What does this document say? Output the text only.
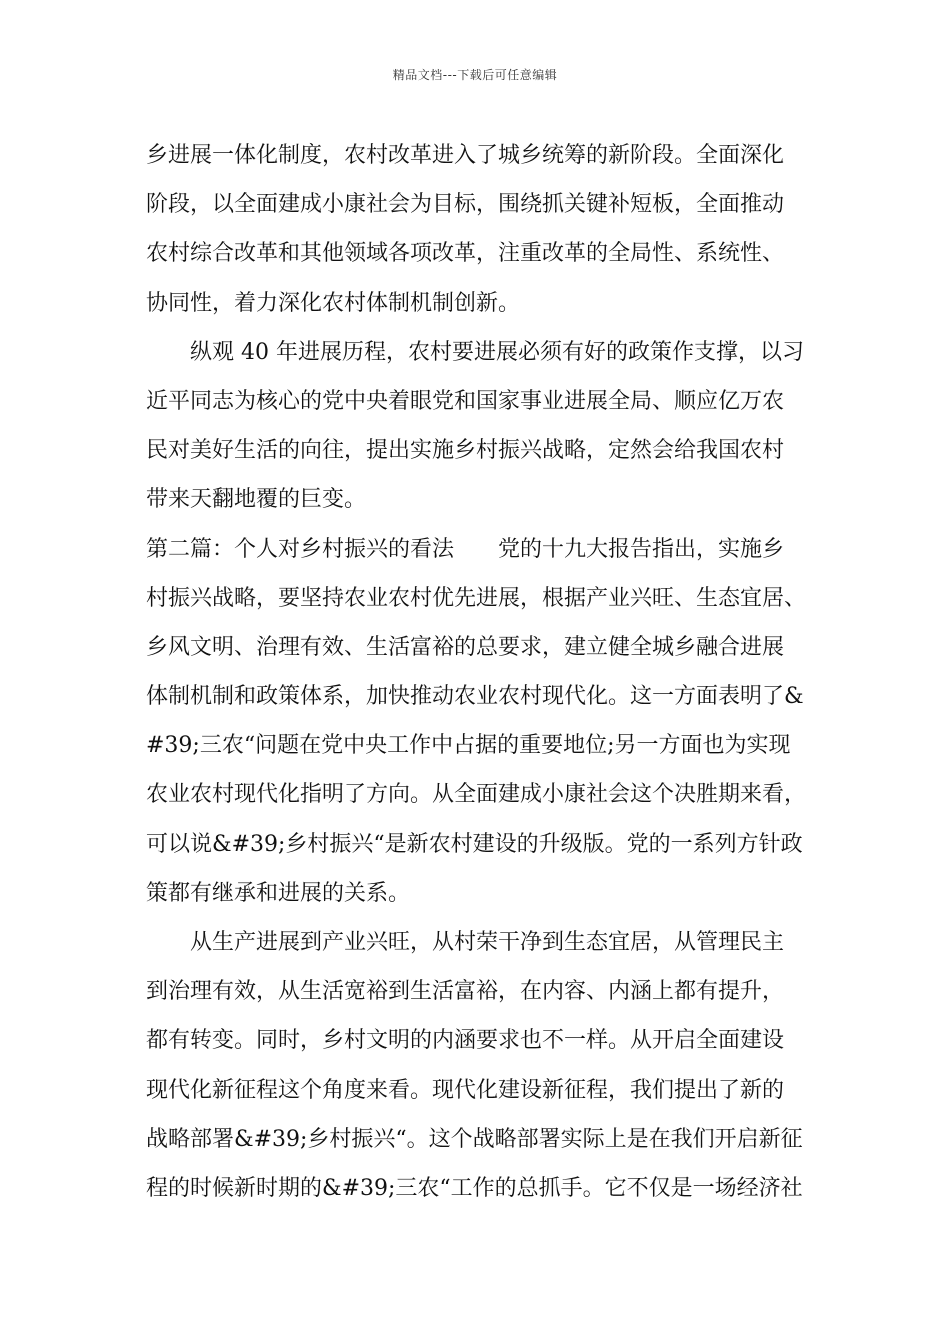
精品文档---下载后可任意编辑
乡进展一体化制度，农村改革进入了城乡统筹的新阶段。全面深化
阶段，以全面建成小康社会为目标，围绕抓关键补短板，全面推动
农村综合改革和其他领域各项改革，注重改革的全局性、系统性、
协同性，着力深化农村体制机制创新。
纵观 40 年进展历程，农村要进展必须有好的政策作支撑，以习
近平同志为核心的党中央着眼党和国家事业进展全局、顺应亿万农
民对美好生活的向往，提出实施乡村振兴战略，定然会给我国农村
带来天翻地覆的巨变。
第二篇：个人对乡村振兴的看法　　党的十九大报告指出，实施乡
村振兴战略，要坚持农业农村优先进展，根据产业兴旺、生态宜居、
乡风文明、治理有效、生活富裕的总要求，建立健全城乡融合进展
体制机制和政策体系，加快推动农业农村现代化。这一方面表明了&
#39;三农“问题在党中央工作中占据的重要地位;另一方面也为实现
农业农村现代化指明了方向。从全面建成小康社会这个决胜期来看，
可以说&#39;乡村振兴“是新农村建设的升级版。党的一系列方针政
策都有继承和进展的关系。
从生产进展到产业兴旺，从村荣干净到生态宜居，从管理民主
到治理有效，从生活宽裕到生活富裕，在内容、内涵上都有提升，
都有转变。同时，乡村文明的内涵要求也不一样。从开启全面建设
现代化新征程这个角度来看。现代化建设新征程，我们提出了新的
战略部署&#39;乡村振兴“。这个战略部署实际上是在我们开启新征
程的时候新时期的&#39;三农“工作的总抓手。它不仅是一场经济社
